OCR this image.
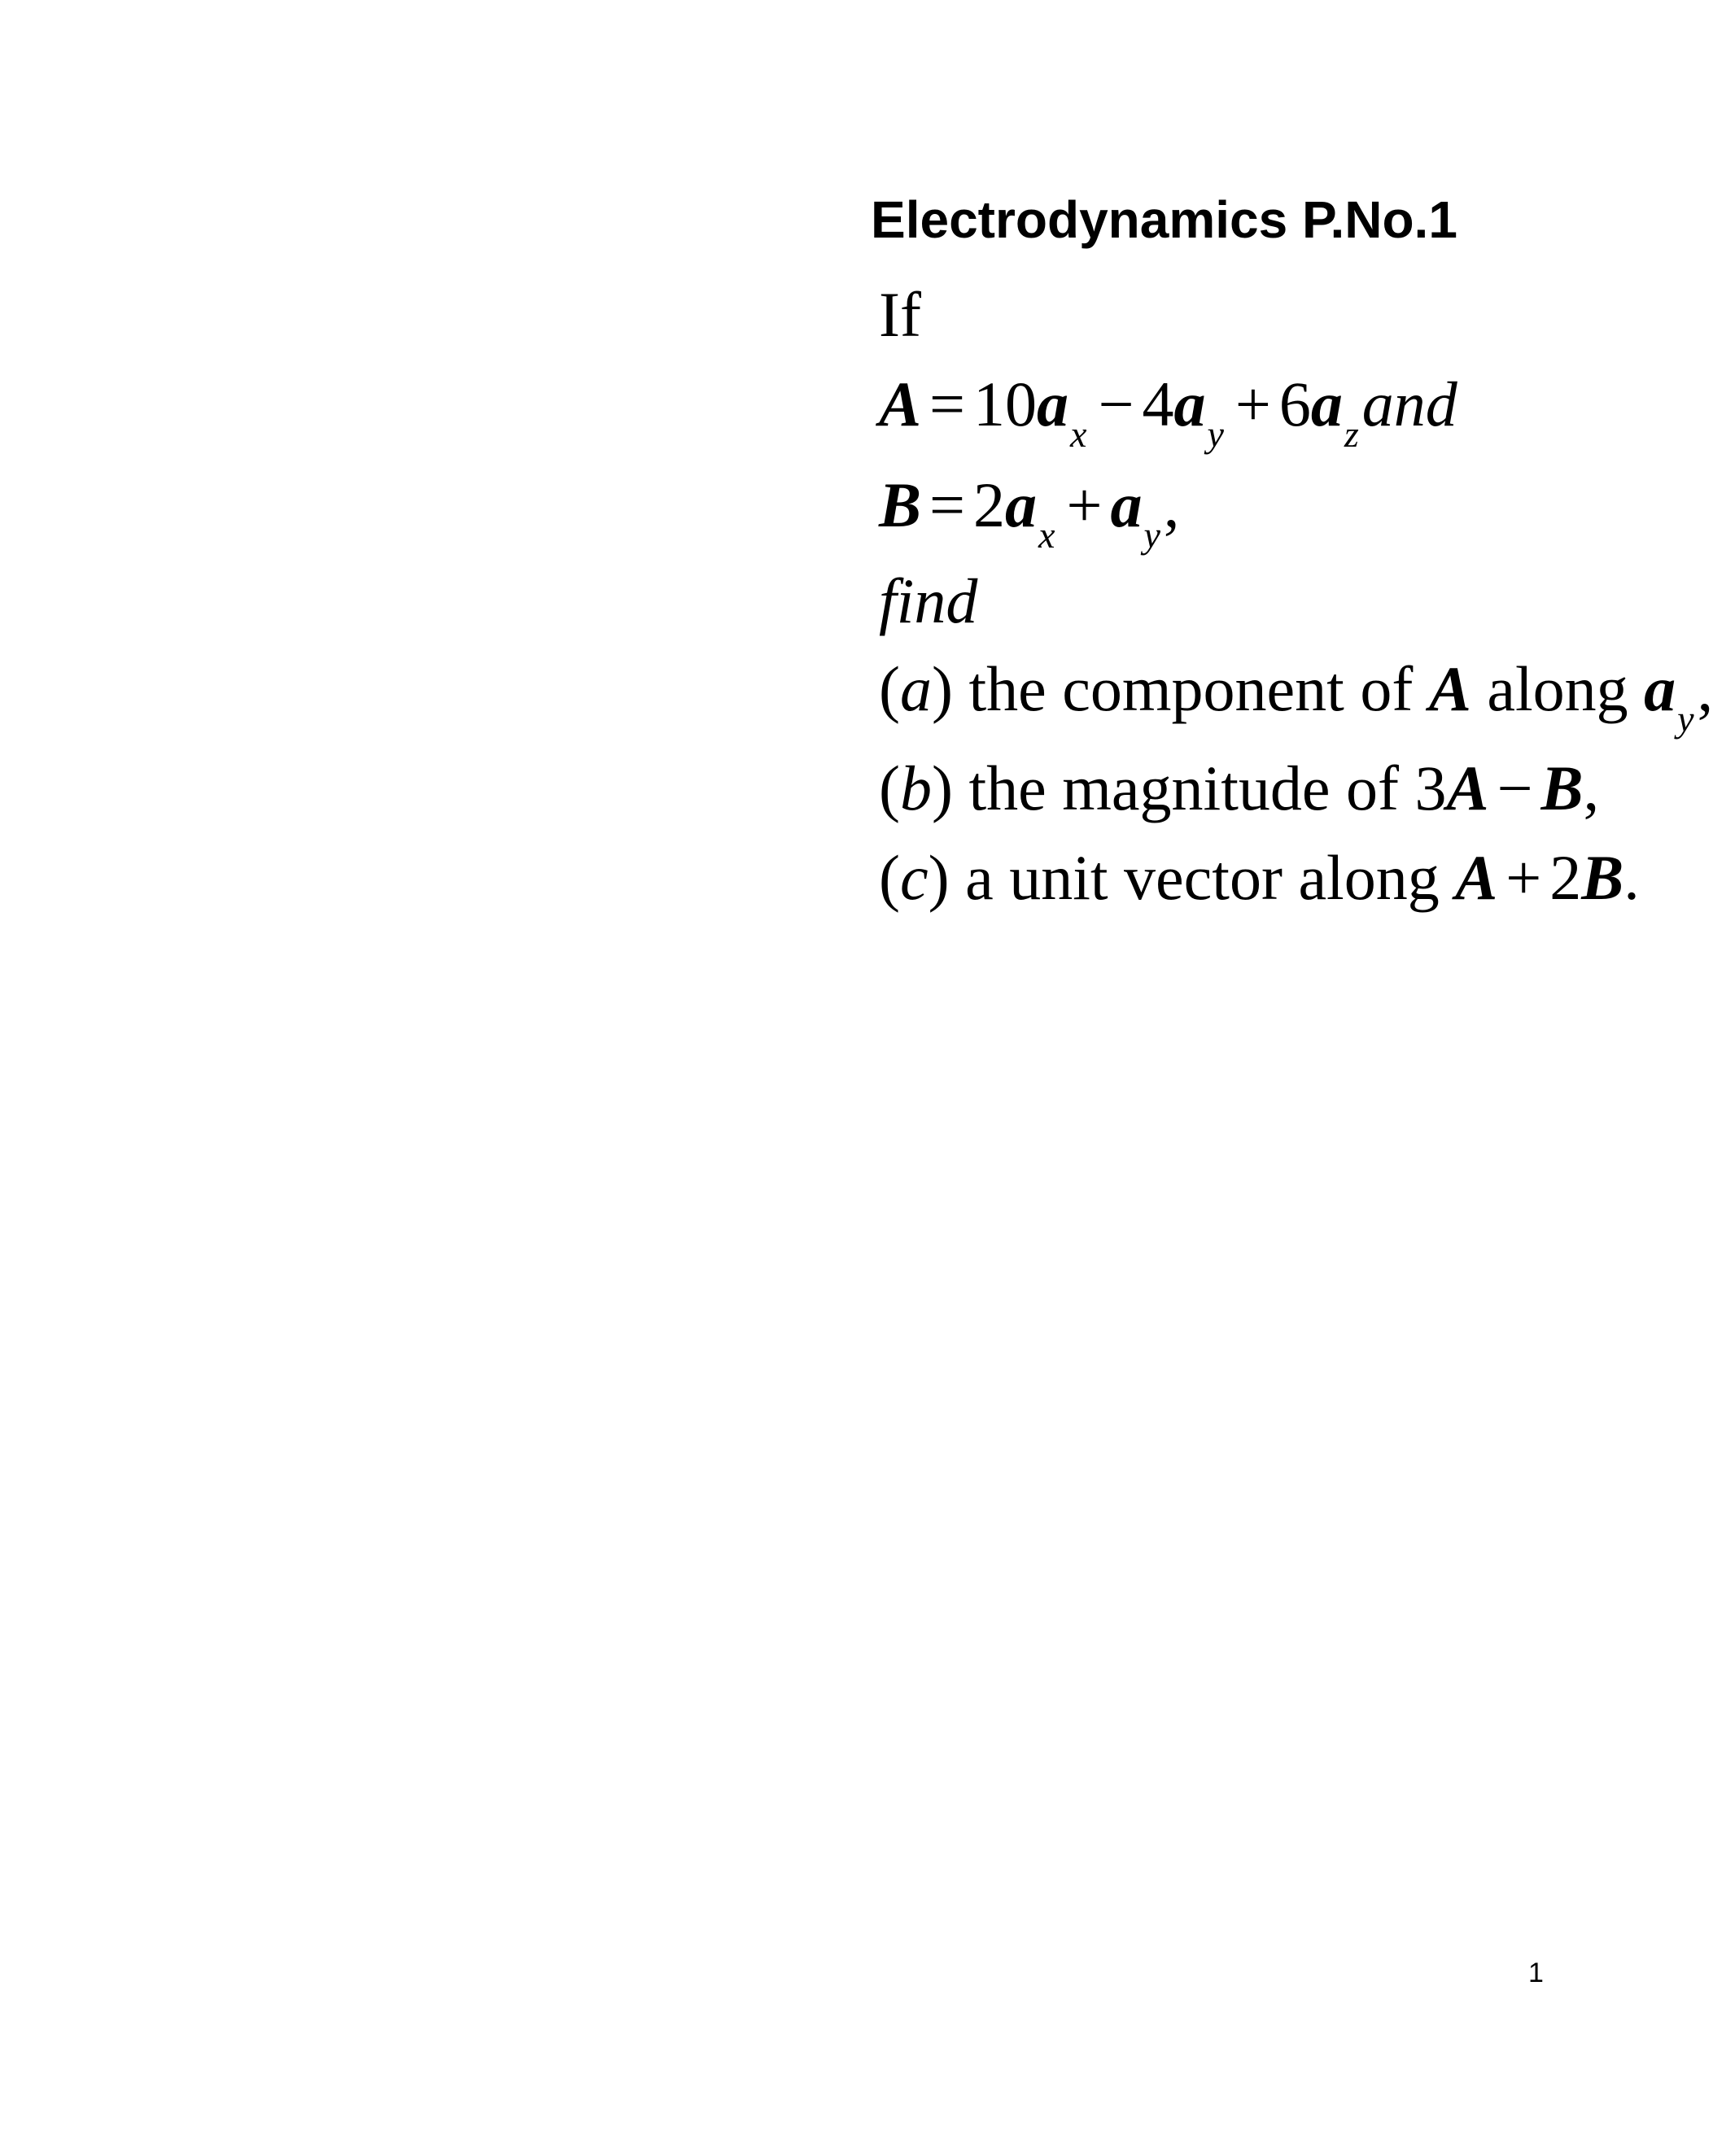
Electrodynamics P.No.1
If
$A = 10a_x - 4a_y + 6a_zand$
$B = 2a_x + a_y$,
find
(a) the component of A along $a_y$,
(b) the magnitude of 3A − B,
(c) a unit vector along A + 2B.
1
